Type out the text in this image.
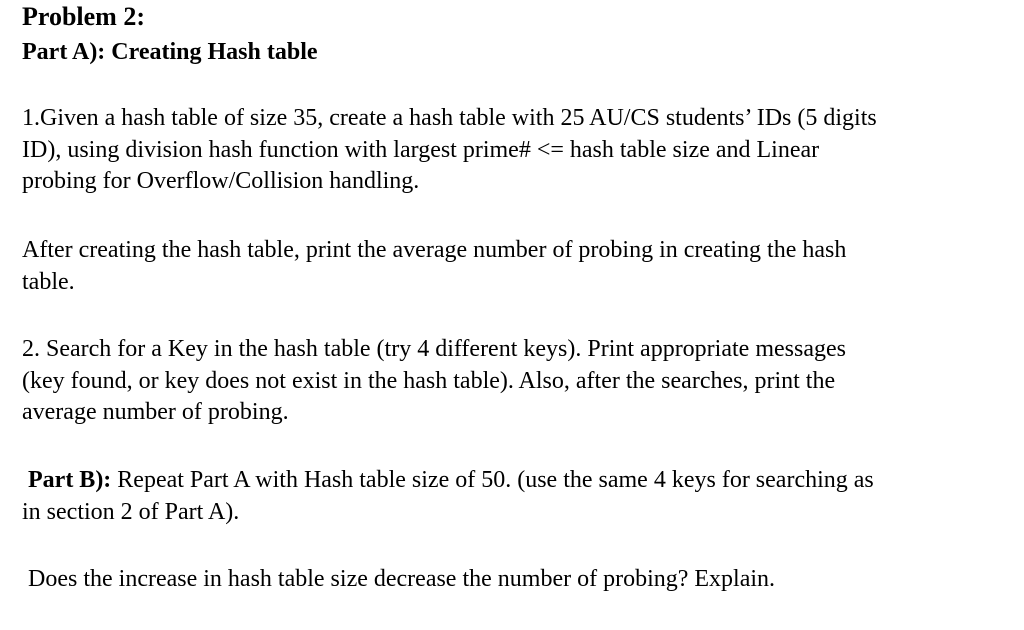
Problem 2:
Part A): Creating Hash table
1.Given a hash table of size 35, create a hash table with 25 AU/CS students’ IDs (5 digits
ID), using division hash function with largest prime# <= hash table size and Linear
probing for Overflow/Collision handling.
After creating the hash table, print the average number of probing in creating the hash
table.
2. Search for a Key in the hash table (try 4 different keys). Print appropriate messages
(key found, or key does not exist in the hash table). Also, after the searches, print the
average number of probing.
Part B): Repeat Part A with Hash table size of 50. (use the same 4 keys for searching as
in section 2 of Part A).
Does the increase in hash table size decrease the number of probing? Explain.
